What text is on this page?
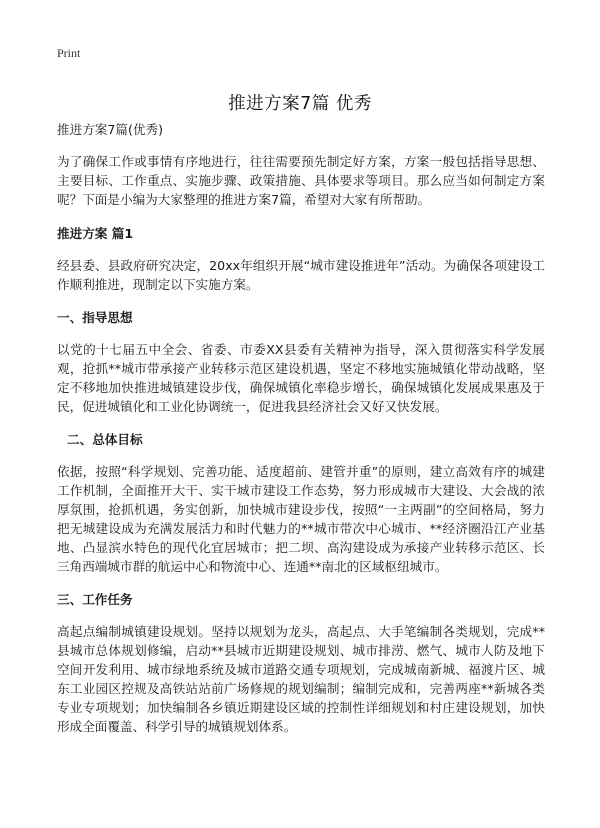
Print
推进方案7篇 优秀
推进方案7篇(优秀)

为了确保工作或事情有序地进行，往往需要预先制定好方案，方案一般包括指导思想、主要目标、工作重点、实施步骤、政策措施、具体要求等项目。那么应当如何制定方案呢？下面是小编为大家整理的推进方案7篇，希望对大家有所帮助。

推进方案 篇1

经县委、县政府研究决定，20xx年组织开展“城市建设推进年”活动。为确保各项建设工作顺利推进，现制定以下实施方案。

一、指导思想

以党的十七届五中全会、省委、市委XX县委有关精神为指导，深入贯彻落实科学发展观，抢抓**城市带承接产业转移示范区建设机遇，坚定不移地实施城镇化带动战略，坚定不移地加快推进城镇建设步伐，确保城镇化率稳步增长，确保城镇化发展成果惠及于民，促进城镇化和工业化协调统一，促进我县经济社会又好又快发展。

二、总体目标

依据，按照“科学规划、完善功能、适度超前、建管并重”的原则，建立高效有序的城建工作机制，全面推开大干、实干城市建设工作态势，努力形成城市大建设、大会战的浓厚氛围，抢抓机遇，务实创新，加快城市建设步伐，按照“一主两副”的空间格局，努力把无城建设成为充满发展活力和时代魅力的**城市带次中心城市、**经济圈沿江产业基地、凸显滨水特色的现代化宜居城市；把二坝、高沟建设成为承接产业转移示范区、长三角西端城市群的航运中心和物流中心、连通**南北的区域枢纽城市。

三、工作任务

高起点编制城镇建设规划。坚持以规划为龙头，高起点、大手笔编制各类规划，完成**县城市总体规划修编，启动**县城市近期建设规划、城市排涝、燃气、城市人防及地下空间开发利用、城市绿地系统及城市道路交通专项规划，完成城南新城、福渡片区、城东工业园区控规及高铁站站前广场修规的规划编制；编制完成和，完善两座**新城各类专业专项规划；加快编制各乡镇近期建设区域的控制性详细规划和村庄建设规划，加快形成全面覆盖、科学引导的城镇规划体系。
